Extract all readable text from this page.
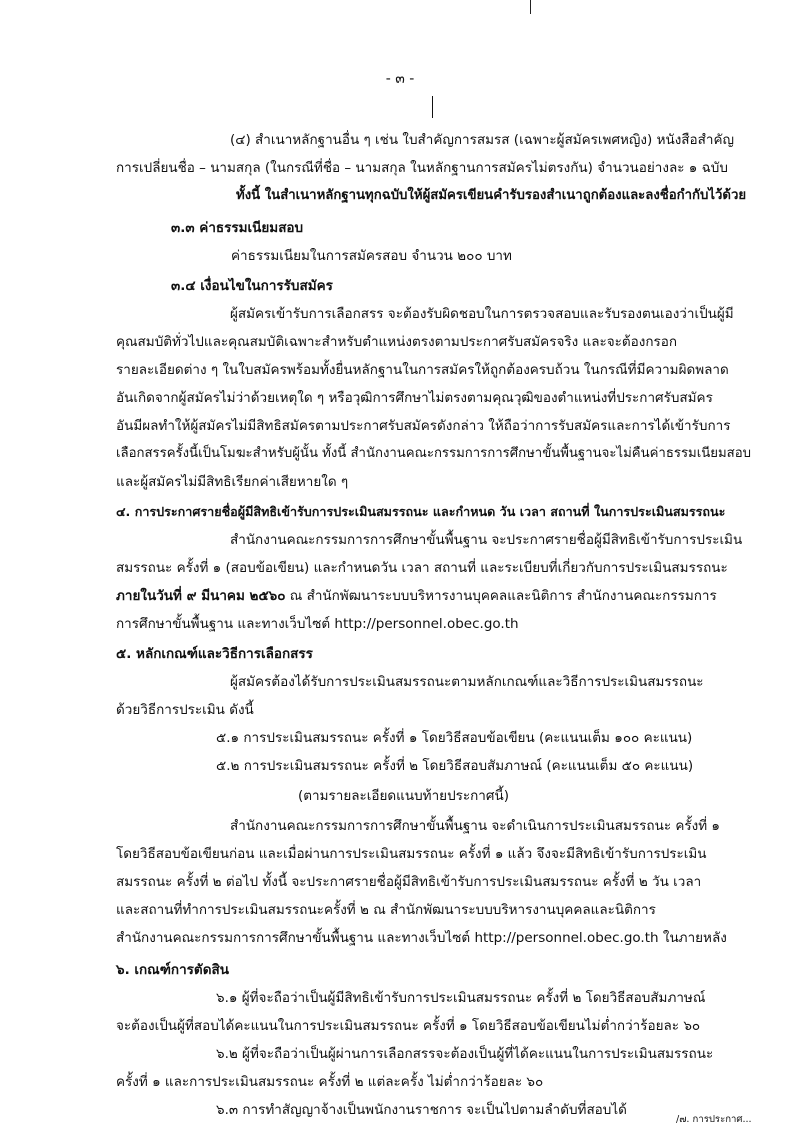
- ๓ -
(๔) สำเนาหลักฐานอื่น ๆ เช่น ใบสำคัญการสมรส (เฉพาะผู้สมัครเพศหญิง) หนังสือสำคัญ
การเปลี่ยนชื่อ – นามสกุล (ในกรณีที่ชื่อ – นามสกุล ในหลักฐานการสมัครไม่ตรงกัน) จำนวนอย่างละ ๑ ฉบับ
ทั้งนี้ ในสำเนาหลักฐานทุกฉบับให้ผู้สมัครเขียนคำรับรองสำเนาถูกต้องและลงชื่อกำกับไว้ด้วย
๓.๓ ค่าธรรมเนียมสอบ
ค่าธรรมเนียมในการสมัครสอบ จำนวน ๒๐๐ บาท
๓.๔ เงื่อนไขในการรับสมัคร
ผู้สมัครเข้ารับการเลือกสรร จะต้องรับผิดชอบในการตรวจสอบและรับรองตนเองว่าเป็นผู้มี
คุณสมบัติทั่วไปและคุณสมบัติเฉพาะสำหรับตำแหน่งตรงตามประกาศรับสมัครจริง และจะต้องกรอก
รายละเอียดต่าง ๆ ในใบสมัครพร้อมทั้งยื่นหลักฐานในการสมัครให้ถูกต้องครบถ้วน ในกรณีที่มีความผิดพลาด
อันเกิดจากผู้สมัครไม่ว่าด้วยเหตุใด ๆ หรือวุฒิการศึกษาไม่ตรงตามคุณวุฒิของตำแหน่งที่ประกาศรับสมัคร
อันมีผลทำให้ผู้สมัครไม่มีสิทธิสมัครตามประกาศรับสมัครดังกล่าว ให้ถือว่าการรับสมัครและการได้เข้ารับการ
เลือกสรรครั้งนี้เป็นโมฆะสำหรับผู้นั้น ทั้งนี้ สำนักงานคณะกรรมการการศึกษาขั้นพื้นฐานจะไม่คืนค่าธรรมเนียมสอบ
และผู้สมัครไม่มีสิทธิเรียกค่าเสียหายใด ๆ
๔. การประกาศรายชื่อผู้มีสิทธิเข้ารับการประเมินสมรรถนะ และกำหนด วัน เวลา สถานที่ ในการประเมินสมรรถนะ
สำนักงานคณะกรรมการการศึกษาขั้นพื้นฐาน จะประกาศรายชื่อผู้มีสิทธิเข้ารับการประเมิน
สมรรถนะ ครั้งที่ ๑ (สอบข้อเขียน) และกำหนดวัน เวลา สถานที่ และระเบียบที่เกี่ยวกับการประเมินสมรรถนะ
ภายในวันที่ ๙ มีนาคม ๒๕๖๐ ณ สำนักพัฒนาระบบบริหารงานบุคคลและนิติการ สำนักงานคณะกรรมการ
การศึกษาขั้นพื้นฐาน และทางเว็บไซต์ http://personnel.obec.go.th
๕. หลักเกณฑ์และวิธีการเลือกสรร
ผู้สมัครต้องได้รับการประเมินสมรรถนะตามหลักเกณฑ์และวิธีการประเมินสมรรถนะ
ด้วยวิธีการประเมิน ดังนี้
๕.๑ การประเมินสมรรถนะ ครั้งที่ ๑ โดยวิธีสอบข้อเขียน (คะแนนเต็ม ๑๐๐ คะแนน)
๕.๒ การประเมินสมรรถนะ ครั้งที่ ๒ โดยวิธีสอบสัมภาษณ์ (คะแนนเต็ม ๕๐ คะแนน)
(ตามรายละเอียดแนบท้ายประกาศนี้)
สำนักงานคณะกรรมการการศึกษาขั้นพื้นฐาน จะดำเนินการประเมินสมรรถนะ ครั้งที่ ๑
โดยวิธีสอบข้อเขียนก่อน และเมื่อผ่านการประเมินสมรรถนะ ครั้งที่ ๑ แล้ว จึงจะมีสิทธิเข้ารับการประเมิน
สมรรถนะ ครั้งที่ ๒ ต่อไป ทั้งนี้ จะประกาศรายชื่อผู้มีสิทธิเข้ารับการประเมินสมรรถนะ ครั้งที่ ๒ วัน เวลา
และสถานที่ทำการประเมินสมรรถนะครั้งที่ ๒ ณ สำนักพัฒนาระบบบริหารงานบุคคลและนิติการ
สำนักงานคณะกรรมการการศึกษาขั้นพื้นฐาน และทางเว็บไซต์ http://personnel.obec.go.th ในภายหลัง
๖. เกณฑ์การตัดสิน
๖.๑ ผู้ที่จะถือว่าเป็นผู้มีสิทธิเข้ารับการประเมินสมรรถนะ ครั้งที่ ๒ โดยวิธีสอบสัมภาษณ์
จะต้องเป็นผู้ที่สอบได้คะแนนในการประเมินสมรรถนะ ครั้งที่ ๑ โดยวิธีสอบข้อเขียนไม่ต่ำกว่าร้อยละ ๖๐
๖.๒ ผู้ที่จะถือว่าเป็นผู้ผ่านการเลือกสรรจะต้องเป็นผู้ที่ได้คะแนนในการประเมินสมรรถนะ
ครั้งที่ ๑ และการประเมินสมรรถนะ ครั้งที่ ๒ แต่ละครั้ง ไม่ต่ำกว่าร้อยละ ๖๐
๖.๓ การทำสัญญาจ้างเป็นพนักงานราชการ จะเป็นไปตามลำดับที่สอบได้
/๗. การประกาศ...
